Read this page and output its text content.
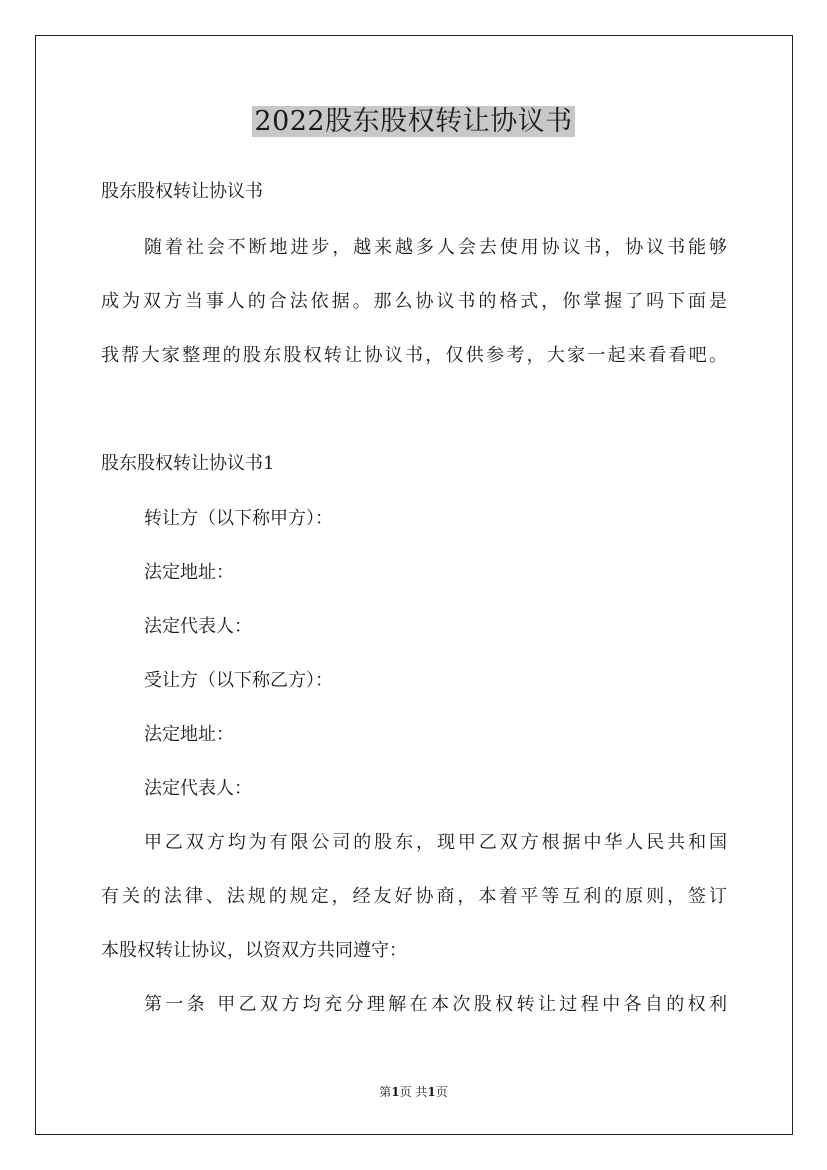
2022股东股权转让协议书

股东股权转让协议书

随着社会不断地进步，越来越多人会去使用协议书，协议书能够

成为双方当事人的合法依据。那么协议书的格式，你掌握了吗下面是

我帮大家整理的股东股权转让协议书，仅供参考，大家一起来看看吧。

股东股权转让协议书1

转让方（以下称甲方）：

法定地址：

法定代表人：

受让方（以下称乙方）：

法定地址：

法定代表人：

甲乙双方均为有限公司的股东，现甲乙双方根据中华人民共和国

有关的法律、法规的规定，经友好协商，本着平等互利的原则，签订

本股权转让协议，以资双方共同遵守：

第一条 甲乙双方均充分理解在本次股权转让过程中各自的权利

第1页 共1页
